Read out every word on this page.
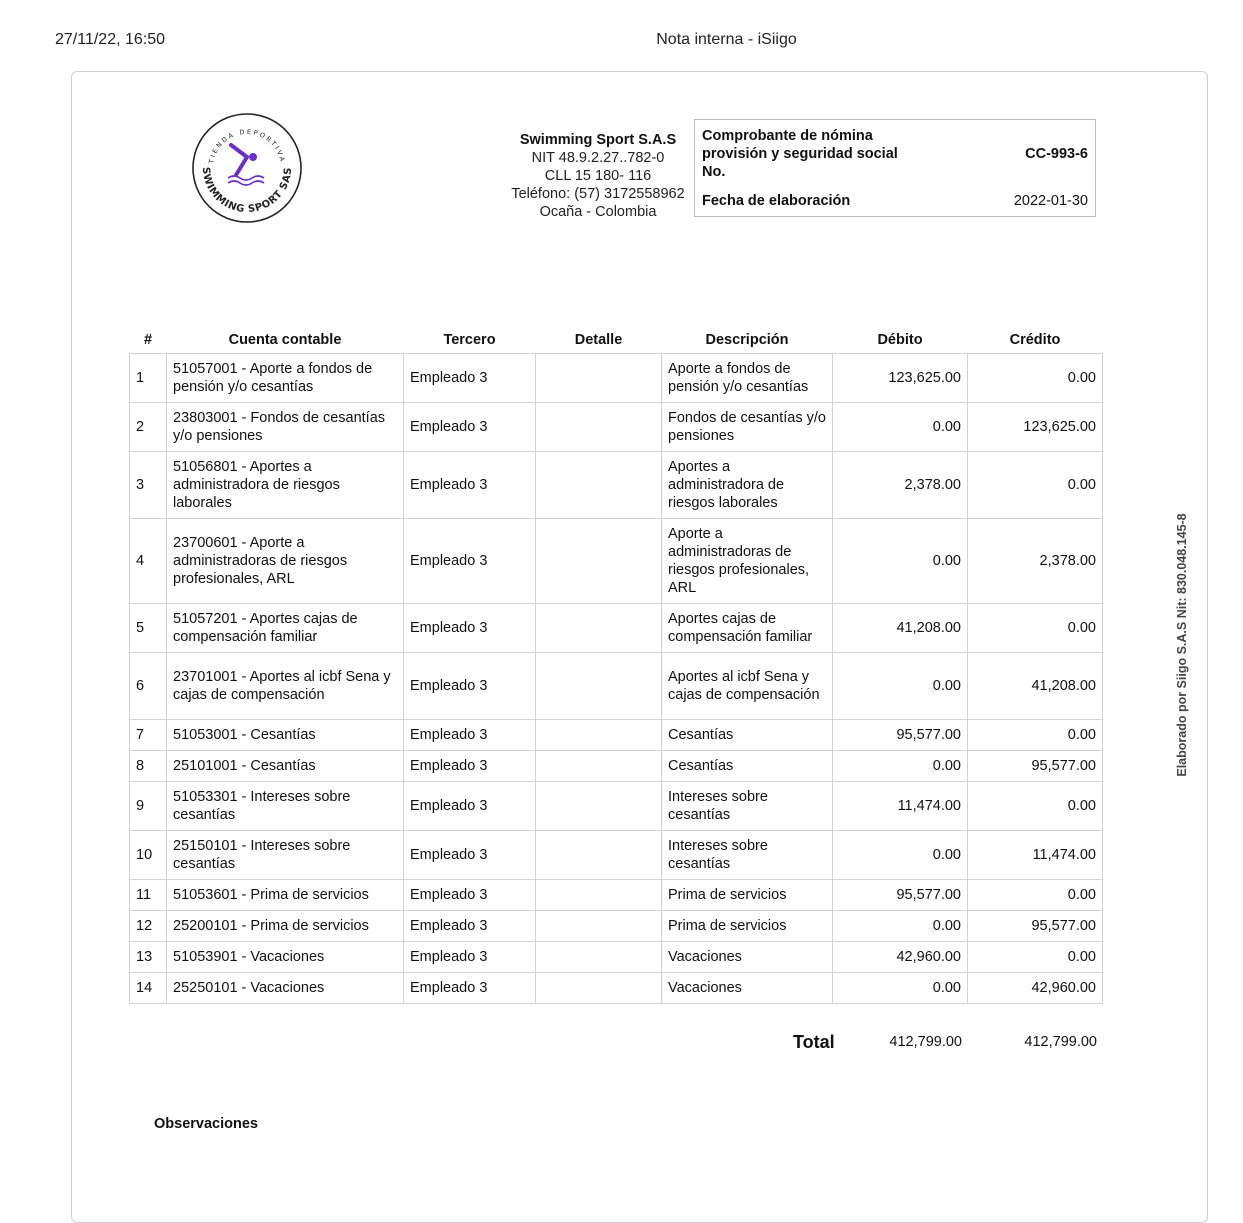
27/11/22, 16:50	Nota interna - iSiigo
TIENDA DEPORTIVA
SWIMMING SPORT SAS
Swimming Sport S.A.S
NIT 48.9.2.27..782-0
CLL 15 180- 116
Teléfono: (57) 3172558962
Ocaña - Colombia
Comprobante de nómina provisión y seguridad social No.
CC-993-6
Fecha de elaboración	2022-01-30
#	Cuenta contable	Tercero	Detalle	Descripción	Débito	Crédito
1	51057001 - Aporte a fondos de pensión y/o cesantías	Empleado 3		Aporte a fondos de pensión y/o cesantías	123,625.00	0.00
2	23803001 - Fondos de cesantías y/o pensiones	Empleado 3		Fondos de cesantías y/o pensiones	0.00	123,625.00
3	51056801 - Aportes a administradora de riesgos laborales	Empleado 3		Aportes a administradora de riesgos laborales	2,378.00	0.00
4	23700601 - Aporte a administradoras de riesgos profesionales, ARL	Empleado 3		Aporte a administradoras de riesgos profesionales, ARL	0.00	2,378.00
5	51057201 - Aportes cajas de compensación familiar	Empleado 3		Aportes cajas de compensación familiar	41,208.00	0.00
6	23701001 - Aportes al icbf Sena y cajas de compensación	Empleado 3		Aportes al icbf Sena y cajas de compensación	0.00	41,208.00
7	51053001 - Cesantías	Empleado 3		Cesantías	95,577.00	0.00
8	25101001 - Cesantías	Empleado 3		Cesantías	0.00	95,577.00
9	51053301 - Intereses sobre cesantías	Empleado 3		Intereses sobre cesantías	11,474.00	0.00
10	25150101 - Intereses sobre cesantías	Empleado 3		Intereses sobre cesantías	0.00	11,474.00
11	51053601 - Prima de servicios	Empleado 3		Prima de servicios	95,577.00	0.00
12	25200101 - Prima de servicios	Empleado 3		Prima de servicios	0.00	95,577.00
13	51053901 - Vacaciones	Empleado 3		Vacaciones	42,960.00	0.00
14	25250101 - Vacaciones	Empleado 3		Vacaciones	0.00	42,960.00
Total	412,799.00	412,799.00
Observaciones
Elaborado por Siigo S.A.S Nit: 830.048.145-8
